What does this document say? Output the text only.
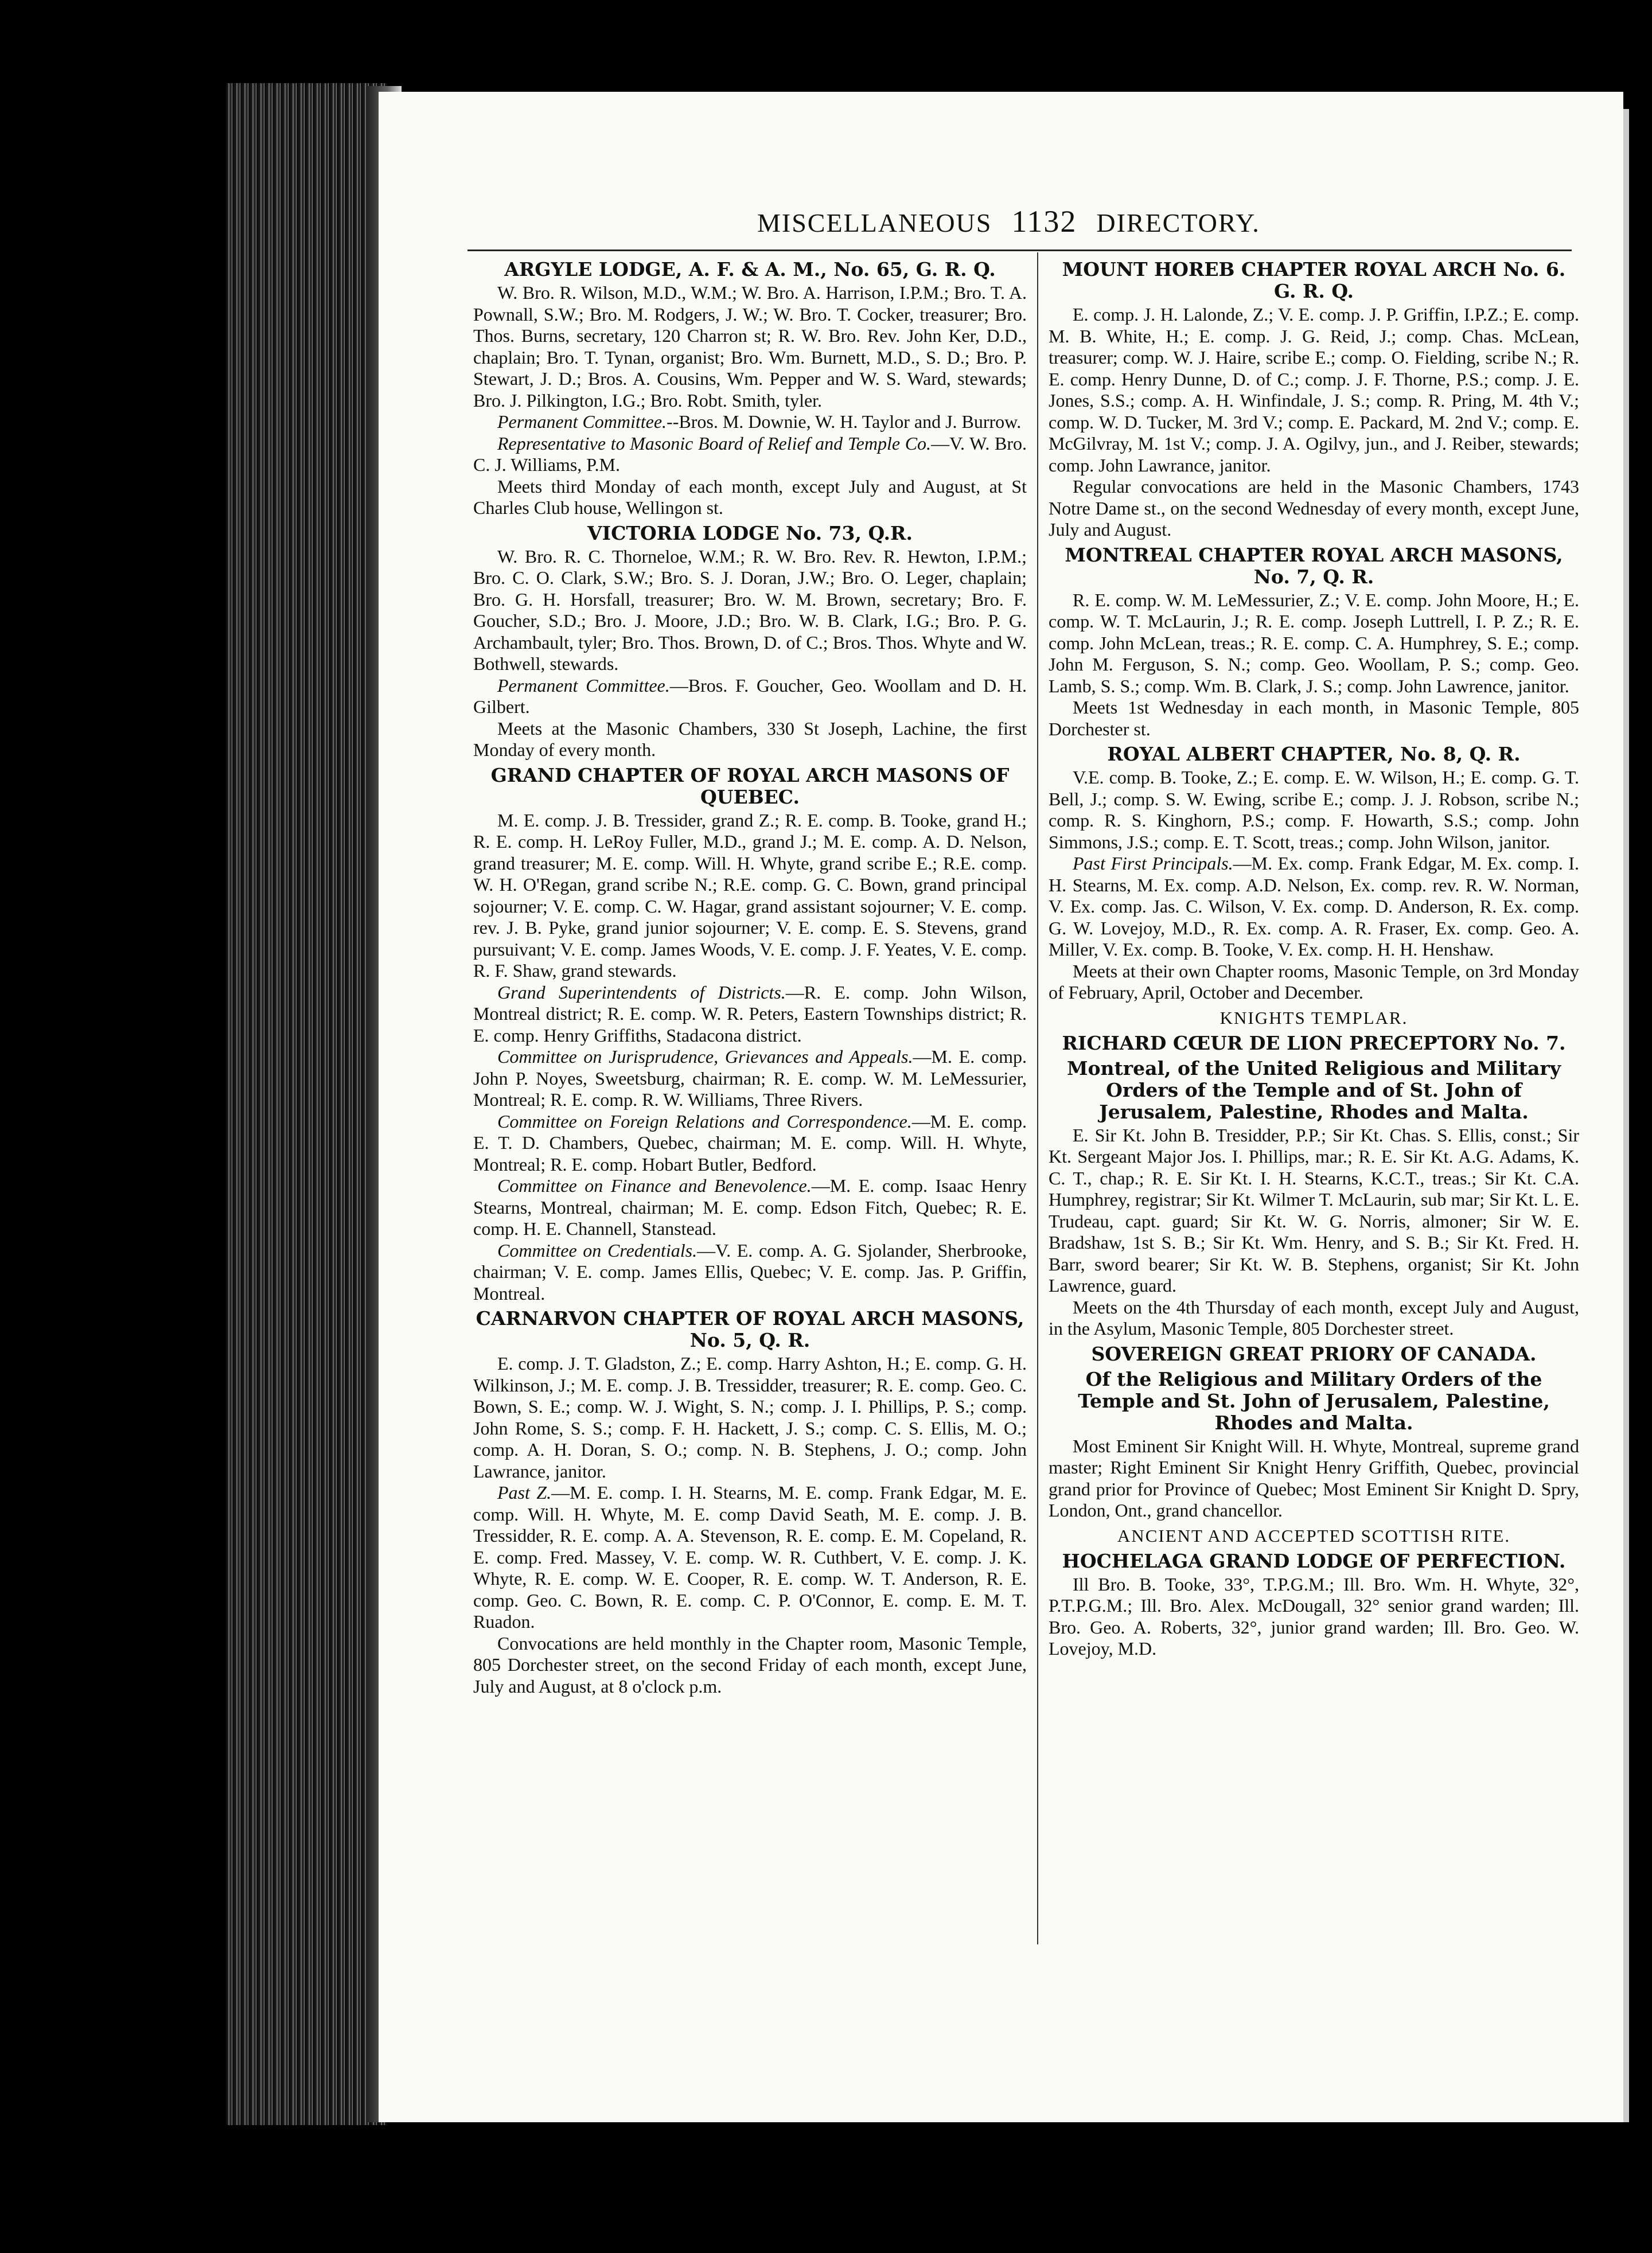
MISCELLANEOUS 1132 DIRECTORY.
ARGYLE LODGE, A. F. & A. M., No. 65, G. R. Q.

W. Bro. R. Wilson, M.D., W.M.; W. Bro. A. Harrison, I.P.M.; Bro. T. A. Pownall, S.W.; Bro. M. Rodgers, J. W.; W. Bro. T. Cocker, treasurer; Bro. Thos. Burns, secretary, 120 Charron st; R. W. Bro. Rev. John Ker, D.D., chaplain; Bro. T. Tynan, organist; Bro. Wm. Burnett, M.D., S. D.; Bro. P. Stewart, J. D.; Bros. A. Cousins, Wm. Pepper and W. S. Ward, stewards; Bro. J. Pilkington, I.G.; Bro. Robt. Smith, tyler.

Permanent Committee.--Bros. M. Downie, W. H. Taylor and J. Burrow.

Representative to Masonic Board of Relief and Temple Co.—V. W. Bro. C. J. Williams, P.M.

Meets third Monday of each month, except July and August, at St Charles Club house, Wellingon st.

VICTORIA LODGE No. 73, Q.R.

W. Bro. R. C. Thorneloe, W.M.; R. W. Bro. Rev. R. Hewton, I.P.M.; Bro. C. O. Clark, S.W.; Bro. S. J. Doran, J.W.; Bro. O. Leger, chaplain; Bro. G. H. Horsfall, treasurer; Bro. W. M. Brown, secretary; Bro. F. Goucher, S.D.; Bro. J. Moore, J.D.; Bro. W. B. Clark, I.G.; Bro. P. G. Archambault, tyler; Bro. Thos. Brown, D. of C.; Bros. Thos. Whyte and W. Bothwell, stewards.

Permanent Committee.—Bros. F. Goucher, Geo. Woollam and D. H. Gilbert.

Meets at the Masonic Chambers, 330 St Joseph, Lachine, the first Monday of every month.

GRAND CHAPTER OF ROYAL ARCH MASONS OF QUEBEC.

M. E. comp. J. B. Tressider, grand Z.; R. E. comp. B. Tooke, grand H.; R. E. comp. H. LeRoy Fuller, M.D., grand J.; M. E. comp. A. D. Nelson, grand treasurer; M. E. comp. Will. H. Whyte, grand scribe E.; R.E. comp. W. H. O'Regan, grand scribe N.; R.E. comp. G. C. Bown, grand principal sojourner; V. E. comp. C. W. Hagar, grand assistant sojourner; V. E. comp. rev. J. B. Pyke, grand junior sojourner; V. E. comp. E. S. Stevens, grand pursuivant; V. E. comp. James Woods, V. E. comp. J. F. Yeates, V. E. comp. R. F. Shaw, grand stewards.

Grand Superintendents of Districts.—R. E. comp. John Wilson, Montreal district; R. E. comp. W. R. Peters, Eastern Townships district; R. E. comp. Henry Griffiths, Stadacona district.

Committee on Jurisprudence, Grievances and Appeals.—M. E. comp. John P. Noyes, Sweetsburg, chairman; R. E. comp. W. M. LeMessurier, Montreal; R. E. comp. R. W. Williams, Three Rivers.

Committee on Foreign Relations and Correspondence.—M. E. comp. E. T. D. Chambers, Quebec, chairman; M. E. comp. Will. H. Whyte, Montreal; R. E. comp. Hobart Butler, Bedford.

Committee on Finance and Benevolence.—M. E. comp. Isaac Henry Stearns, Montreal, chairman; M. E. comp. Edson Fitch, Quebec; R. E. comp. H. E. Channell, Stanstead.

Committee on Credentials.—V. E. comp. A. G. Sjolander, Sherbrooke, chairman; V. E. comp. James Ellis, Quebec; V. E. comp. Jas. P. Griffin, Montreal.

CARNARVON CHAPTER OF ROYAL ARCH MASONS, No. 5, Q. R.

E. comp. J. T. Gladston, Z.; E. comp. Harry Ashton, H.; E. comp. G. H. Wilkinson, J.; M. E. comp. J. B. Tressidder, treasurer; R. E. comp. Geo. C. Bown, S. E.; comp. W. J. Wight, S. N.; comp. J. I. Phillips, P. S.; comp. John Rome, S. S.; comp. F. H. Hackett, J. S.; comp. C. S. Ellis, M. O.; comp. A. H. Doran, S. O.; comp. N. B. Stephens, J. O.; comp. John Lawrance, janitor.

Past Z.—M. E. comp. I. H. Stearns, M. E. comp. Frank Edgar, M. E. comp. Will. H. Whyte, M. E. comp David Seath, M. E. comp. J. B. Tressidder, R. E. comp. A. A. Stevenson, R. E. comp. E. M. Copeland, R. E. comp. Fred. Massey, V. E. comp. W. R. Cuthbert, V. E. comp. J. K. Whyte, R. E. comp. W. E. Cooper, R. E. comp. W. T. Anderson, R. E. comp. Geo. C. Bown, R. E. comp. C. P. O'Connor, E. comp. E. M. T. Ruadon.

Convocations are held monthly in the Chapter room, Masonic Temple, 805 Dorchester street, on the second Friday of each month, except June, July and August, at 8 o'clock p.m.

MOUNT HOREB CHAPTER ROYAL ARCH No. 6. G. R. Q.

E. comp. J. H. Lalonde, Z.; V. E. comp. J. P. Griffin, I.P.Z.; E. comp. M. B. White, H.; E. comp. J. G. Reid, J.; comp. Chas. McLean, treasurer; comp. W. J. Haire, scribe E.; comp. O. Fielding, scribe N.; R. E. comp. Henry Dunne, D. of C.; comp. J. F. Thorne, P.S.; comp. J. E. Jones, S.S.; comp. A. H. Winfindale, J. S.; comp. R. Pring, M. 4th V.; comp. W. D. Tucker, M. 3rd V.; comp. E. Packard, M. 2nd V.; comp. E. McGilvray, M. 1st V.; comp. J. A. Ogilvy, jun., and J. Reiber, stewards; comp. John Lawrance, janitor.

Regular convocations are held in the Masonic Chambers, 1743 Notre Dame st., on the second Wednesday of every month, except June, July and August.

MONTREAL CHAPTER ROYAL ARCH MASONS, No. 7, Q. R.

R. E. comp. W. M. LeMessurier, Z.; V. E. comp. John Moore, H.; E. comp. W. T. McLaurin, J.; R. E. comp. Joseph Luttrell, I. P. Z.; R. E. comp. John McLean, treas.; R. E. comp. C. A. Humphrey, S. E.; comp. John M. Ferguson, S. N.; comp. Geo. Woollam, P. S.; comp. Geo. Lamb, S. S.; comp. Wm. B. Clark, J. S.; comp. John Lawrence, janitor.

Meets 1st Wednesday in each month, in Masonic Temple, 805 Dorchester st.

ROYAL ALBERT CHAPTER, No. 8, Q. R.

V.E. comp. B. Tooke, Z.; E. comp. E. W. Wilson, H.; E. comp. G. T. Bell, J.; comp. S. W. Ewing, scribe E.; comp. J. J. Robson, scribe N.; comp. R. S. Kinghorn, P.S.; comp. F. Howarth, S.S.; comp. John Simmons, J.S.; comp. E. T. Scott, treas.; comp. John Wilson, janitor.

Past First Principals.—M. Ex. comp. Frank Edgar, M. Ex. comp. I. H. Stearns, M. Ex. comp. A.D. Nelson, Ex. comp. rev. R. W. Norman, V. Ex. comp. Jas. C. Wilson, V. Ex. comp. D. Anderson, R. Ex. comp. G. W. Lovejoy, M.D., R. Ex. comp. A. R. Fraser, Ex. comp. Geo. A. Miller, V. Ex. comp. B. Tooke, V. Ex. comp. H. H. Henshaw.

Meets at their own Chapter rooms, Masonic Temple, on 3rd Monday of February, April, October and December.

KNIGHTS TEMPLAR.
RICHARD CŒUR DE LION PRECEPTORY No. 7.
Montreal, of the United Religious and Military Orders of the Temple and of St. John of Jerusalem, Palestine, Rhodes and Malta.

E. Sir Kt. John B. Tresidder, P.P.; Sir Kt. Chas. S. Ellis, const.; Sir Kt. Sergeant Major Jos. I. Phillips, mar.; R. E. Sir Kt. A.G. Adams, K. C. T., chap.; R. E. Sir Kt. I. H. Stearns, K.C.T., treas.; Sir Kt. C.A. Humphrey, registrar; Sir Kt. Wilmer T. McLaurin, sub mar; Sir Kt. L. E. Trudeau, capt. guard; Sir Kt. W. G. Norris, almoner; Sir W. E. Bradshaw, 1st S. B.; Sir Kt. Wm. Henry, and S. B.; Sir Kt. Fred. H. Barr, sword bearer; Sir Kt. W. B. Stephens, organist; Sir Kt. John Lawrence, guard.

Meets on the 4th Thursday of each month, except July and August, in the Asylum, Masonic Temple, 805 Dorchester street.

SOVEREIGN GREAT PRIORY OF CANADA.
Of the Religious and Military Orders of the Temple and St. John of Jerusalem, Palestine, Rhodes and Malta.

Most Eminent Sir Knight Will. H. Whyte, Montreal, supreme grand master; Right Eminent Sir Knight Henry Griffith, Quebec, provincial grand prior for Province of Quebec; Most Eminent Sir Knight D. Spry, London, Ont., grand chancellor.

ANCIENT AND ACCEPTED SCOTTISH RITE.
HOCHELAGA GRAND LODGE OF PERFECTION.

Ill Bro. B. Tooke, 33°, T.P.G.M.; Ill. Bro. Wm. H. Whyte, 32°, P.T.P.G.M.; Ill. Bro. Alex. McDougall, 32° senior grand warden; Ill. Bro. Geo. A. Roberts, 32°, junior grand warden; Ill. Bro. Geo. W. Lovejoy, M.D.
